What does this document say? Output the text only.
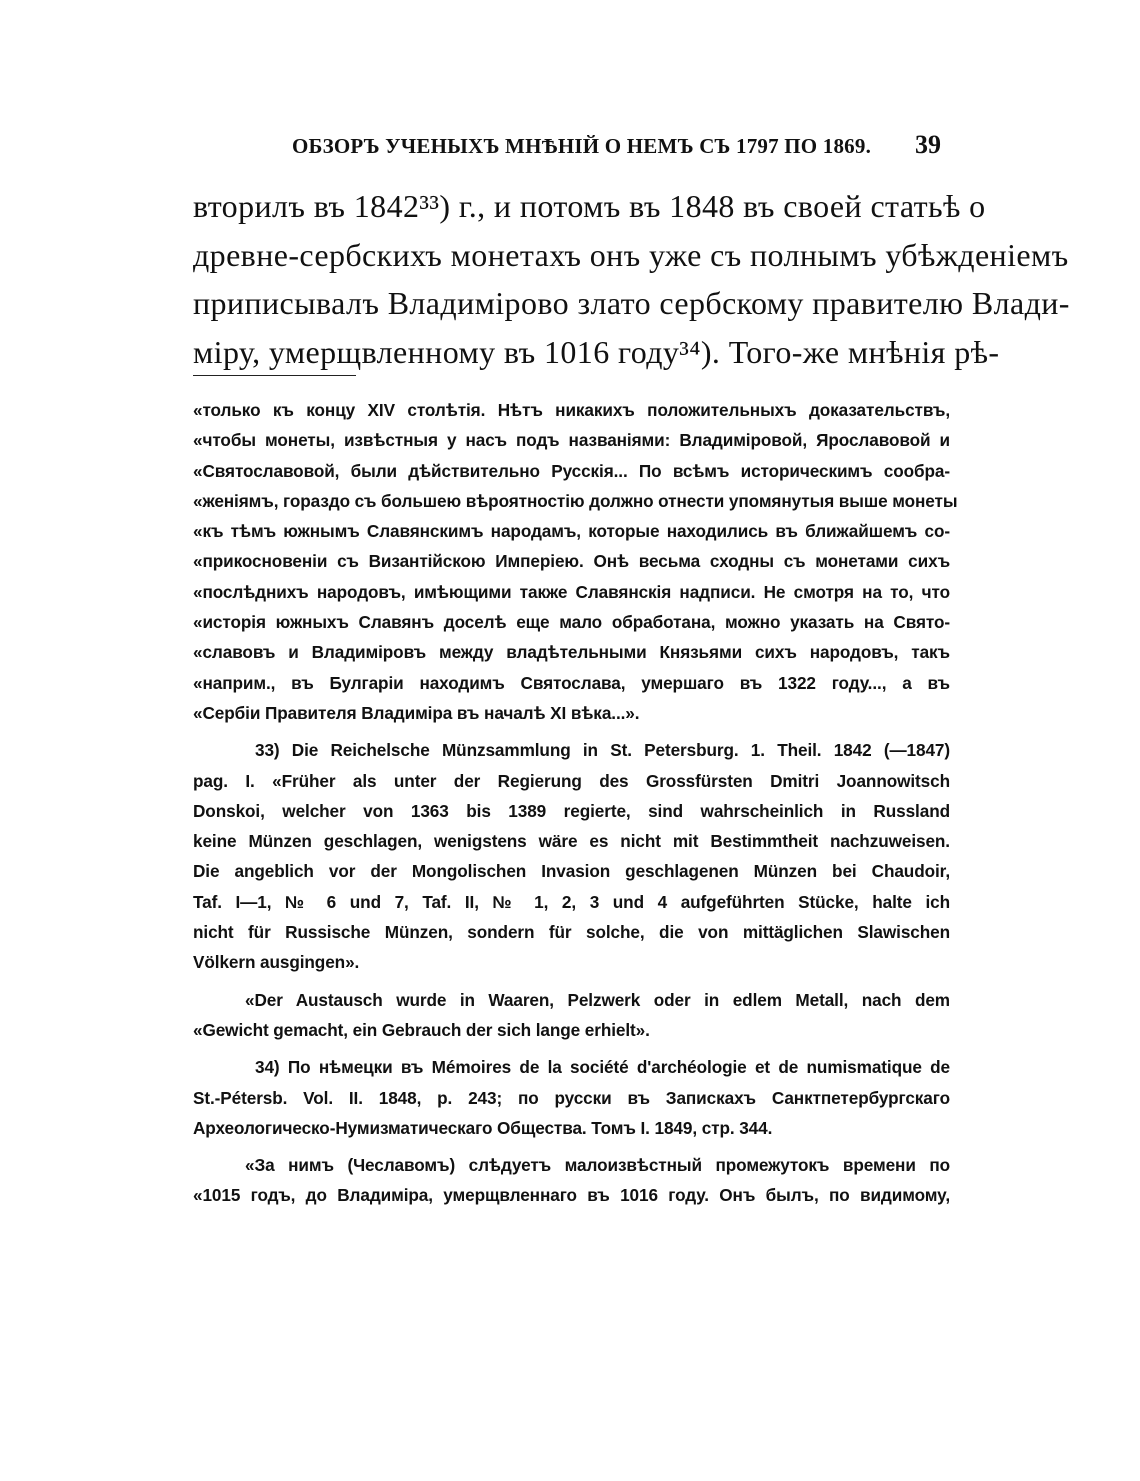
ОБЗОРЪ УЧЕНЫХЪ МНѢНІЙ О НЕМЪ СЪ 1797 ПО 1869. 39
вторилъ въ 1842³³) г., и потомъ въ 1848 въ своей статьѣ о
древне-сербскихъ монетахъ онъ уже съ полнымъ убѣжденіемъ
приписывалъ Владимірово злато сербскому правителю Влади-
міру, умерщвленному въ 1016 году³⁴). Того-же мнѣнія рѣ-
«только къ концу XIV столѣтія. Нѣтъ никакихъ положительныхъ доказательствъ,
«чтобы монеты, извѣстныя у насъ подъ названіями: Владиміровой, Ярославовой и
«Святославовой, были дѣйствительно Русскія... По всѣмъ историческимъ сообра-
«женіямъ, гораздо съ большею вѣроятностію должно отнести упомянутыя выше монеты
«къ тѣмъ южнымъ Славянскимъ народамъ, которые находились въ ближайшемъ со-
«прикосновеніи съ Византійскою Имперіею. Онѣ весьма сходны съ монетами сихъ
«послѣднихъ народовъ, имѣющими также Славянскія надписи. Не смотря на то, что
«исторія южныхъ Славянъ доселѣ еще мало обработана, можно указать на Свято-
«славовъ и Владиміровъ между владѣтельными Князьями сихъ народовъ, такъ
«наприм., въ Булгаріи находимъ Святослава, умершаго въ 1322 году..., а въ
«Сербіи Правителя Владиміра въ началѣ XI вѣка...».
33) Die Reichelsche Münzsammlung in St. Petersburg. 1. Theil. 1842 (—1847)
pag. I. «Früher als unter der Regierung des Grossfürsten Dmitri Joannowitsch
Donskoi, welcher von 1363 bis 1389 regierte, sind wahrscheinlich in Russland
keine Münzen geschlagen, wenigstens wäre es nicht mit Bestimmtheit nachzuweisen.
Die angeblich vor der Mongolischen Invasion geschlagenen Münzen bei Chaudoir,
Taf. I—1, № 6 und 7, Taf. II, № 1, 2, 3 und 4 aufgeführten Stücke, halte ich
nicht für Russische Münzen, sondern für solche, die von mittäglichen Slawischen
Völkern ausgingen».
«Der Austausch wurde in Waaren, Pelzwerk oder in edlem Metall, nach dem
«Gewicht gemacht, ein Gebrauch der sich lange erhielt».
34) По нѣмецки въ Mémoires de la société d'archéologie et de numismatique de
St.-Pétersb. Vol. II. 1848, p. 243; по русски въ Запискахъ Санктпетербургскаго
Археологическо-Нумизматическаго Общества. Томъ I. 1849, стр. 344.
«За нимъ (Чеславомъ) слѣдуетъ малоизвѣстный промежутокъ времени по
«1015 годъ, до Владиміра, умерщвленнаго въ 1016 году. Онъ былъ, по видимому,
